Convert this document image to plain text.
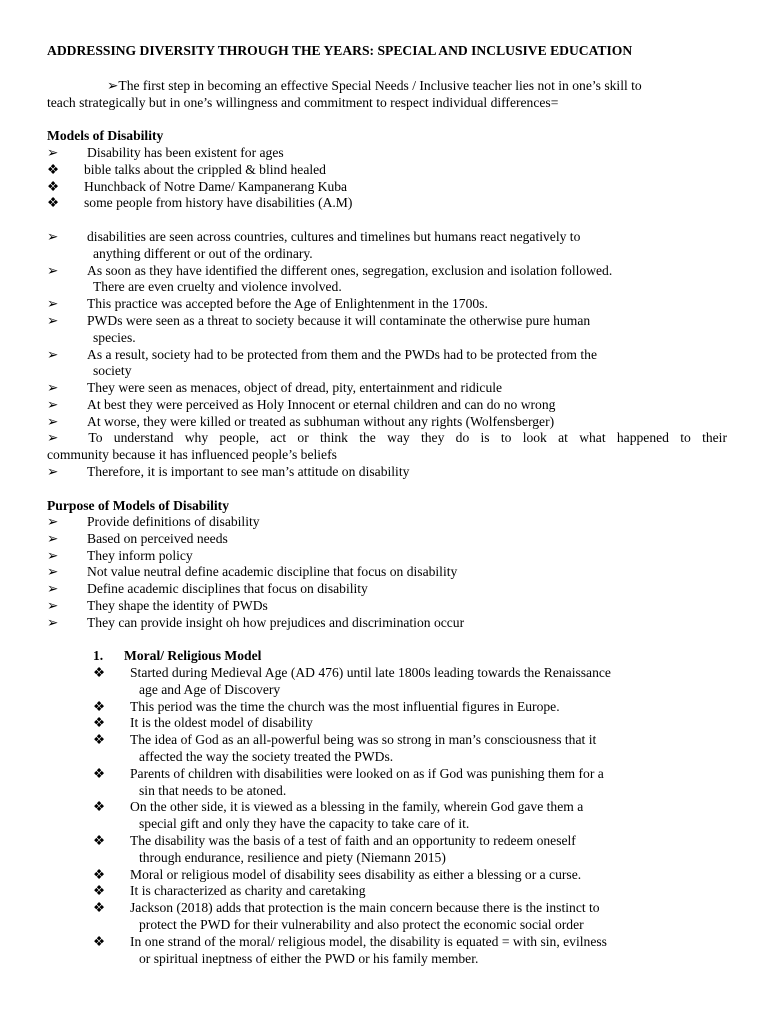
ADDRESSING DIVERSITY THROUGH THE YEARS: SPECIAL AND INCLUSIVE EDUCATION
➢The first step in becoming an effective Special Needs / Inclusive teacher lies not in one’s skill to
teach strategically but in one’s willingness and commitment to respect individual differences=
Models of Disability
➢	Disability has been existent for ages
❖	bible talks about the crippled & blind healed
❖	Hunchback of Notre Dame/ Kampanerang Kuba
❖	some people from history have disabilities (A.M)
➢	disabilities are seen across countries, cultures and timelines but humans react negatively to
anything different or out of the ordinary.
➢	As soon as they have identified the different ones, segregation, exclusion and isolation followed.
There are even cruelty and violence involved.
➢	This practice was accepted before the Age of Enlightenment in the 1700s.
➢	PWDs were seen as a threat to society because it will contaminate the otherwise pure human
species.
➢	As a result, society had to be protected from them and the PWDs had to be protected from the
society
➢	They were seen as menaces, object of dread, pity, entertainment and ridicule
➢	At best they were perceived as Holy Innocent or eternal children and can do no wrong
➢	At worse, they were killed or treated as subhuman without any rights (Wolfensberger)
➢ To understand why people, act or think the way they do is to look at what happened to their
community because it has influenced people’s beliefs
➢	Therefore, it is important to see man’s attitude on disability
Purpose of Models of Disability
➢	Provide definitions of disability
➢	Based on perceived needs
➢	They inform policy
➢	Not value neutral define academic discipline that focus on disability
➢	Define academic disciplines that focus on disability
➢	They shape the identity of PWDs
➢	They can provide insight oh how prejudices and discrimination occur
1. Moral/ Religious Model
❖	Started during Medieval Age (AD 476) until late 1800s leading towards the Renaissance
age and Age of Discovery
❖	This period was the time the church was the most influential figures in Europe.
❖	It is the oldest model of disability
❖	The idea of God as an all-powerful being was so strong in man’s consciousness that it
affected the way the society treated the PWDs.
❖	Parents of children with disabilities were looked on as if God was punishing them for a
sin that needs to be atoned.
❖	On the other side, it is viewed as a blessing in the family, wherein God gave them a
special gift and only they have the capacity to take care of it.
❖	The disability was the basis of a test of faith and an opportunity to redeem oneself
through endurance, resilience and piety (Niemann 2015)
❖	Moral or religious model of disability sees disability as either a blessing or a curse.
❖	It is characterized as charity and caretaking
❖	Jackson (2018) adds that protection is the main concern because there is the instinct to
protect the PWD for their vulnerability and also protect the economic social order
❖	In one strand of the moral/ religious model, the disability is equated = with sin, evilness
or spiritual ineptness of either the PWD or his family member.
